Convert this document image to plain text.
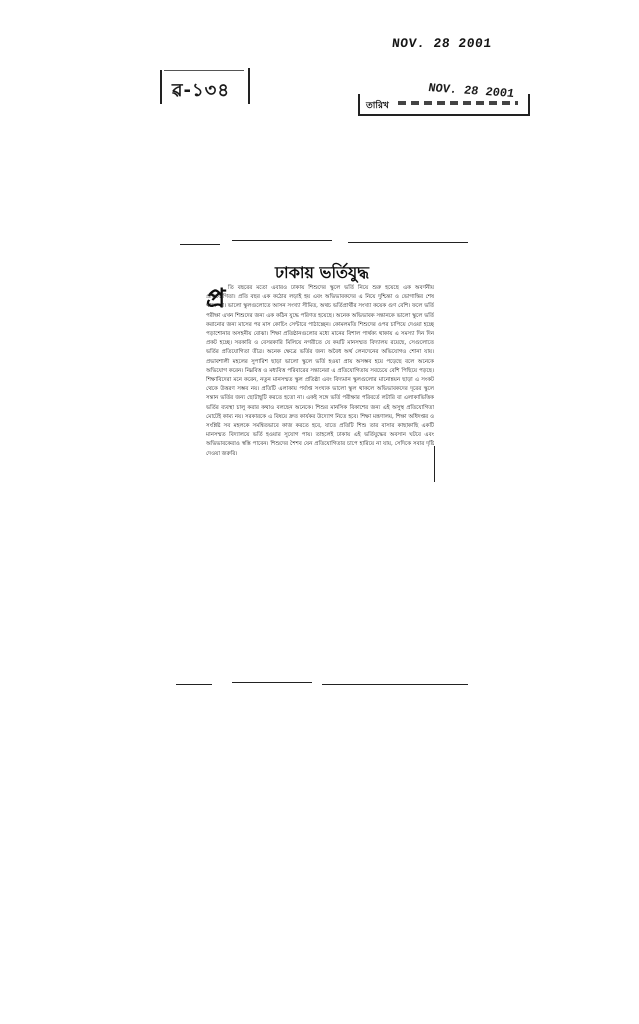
NOV. 28 2001
ৱ-১৩৪	NOV. 28 2001
তারিখ
ঢাকায় ভর্তিযুদ্ধ
প্র তি বছরের মতো এবারও ঢাকায় শিশুদের স্কুলে ভর্তি নিয়ে শুরু হয়েছে এক অবর্ণনীয় প্রতিযোগিতা। প্রতি বছর এক কঠোর লড়াই হয় এবং অভিভাবকদের এ নিয়ে দুশ্চিন্তা ও ভোগান্তির শেষ থাকে না। ভালো স্কুলগুলোতে আসন সংখ্যা সীমিত, অথচ ভর্তিপ্রার্থীর সংখ্যা কয়েক গুণ বেশি। ফলে ভর্তি পরীক্ষা এখন শিশুদের জন্য এক কঠিন যুদ্ধে পরিণত হয়েছে। অনেক অভিভাবক সন্তানকে ভালো স্কুলে ভর্তি করানোর জন্য মাসের পর মাস কোচিং সেন্টারে পাঠাচ্ছেন। কোমলমতি শিশুদের ওপর চাপিয়ে দেওয়া হচ্ছে পড়াশোনার অসহনীয় বোঝা। শিক্ষা প্রতিষ্ঠানগুলোর মধ্যে মানের বিশাল পার্থক্য থাকায় এ সমস্যা দিন দিন প্রকট হচ্ছে। সরকারি ও বেসরকারি মিলিয়ে নগরীতে যে কয়টি মানসম্মত বিদ্যালয় রয়েছে, সেগুলোতে ভর্তির প্রতিযোগিতা তীব্র। অনেক ক্ষেত্রে ভর্তির জন্য অবৈধ অর্থ লেনদেনের অভিযোগও শোনা যায়। প্রভাবশালী মহলের সুপারিশ ছাড়া ভালো স্কুলে ভর্তি হওয়া প্রায় অসম্ভব হয়ে পড়েছে বলে অনেকে অভিযোগ করেন। নিম্নবিত্ত ও মধ্যবিত্ত পরিবারের সন্তানেরা এ প্রতিযোগিতায় সবচেয়ে বেশি পিছিয়ে পড়ছে। শিক্ষাবিদেরা মনে করেন, নতুন মানসম্মত স্কুল প্রতিষ্ঠা এবং বিদ্যমান স্কুলগুলোর মানোন্নয়ন ছাড়া এ সংকট থেকে উত্তরণ সম্ভব নয়। প্রতিটি এলাকায় পর্যাপ্ত সংখ্যক ভালো স্কুল থাকলে অভিভাবকদের দূরের স্কুলে সন্তান ভর্তির জন্য ছোটাছুটি করতে হতো না। একই সঙ্গে ভর্তি পরীক্ষার পরিবর্তে লটারি বা এলাকাভিত্তিক ভর্তির ব্যবস্থা চালু করার কথাও বলছেন অনেকে। শিশুর মানসিক বিকাশের জন্য এই অসুস্থ প্রতিযোগিতা মোটেই কাম্য নয়। সরকারকে এ বিষয়ে দ্রুত কার্যকর উদ্যোগ নিতে হবে। শিক্ষা মন্ত্রণালয়, শিক্ষা অধিদপ্তর ও সংশ্লিষ্ট সব মহলকে সমন্বিতভাবে কাজ করতে হবে, যাতে প্রতিটি শিশু তার বাসার কাছাকাছি একটি মানসম্মত বিদ্যালয়ে ভর্তি হওয়ার সুযোগ পায়। তাহলেই ঢাকায় এই ভর্তিযুদ্ধের অবসান ঘটবে এবং অভিভাবকেরাও স্বস্তি পাবেন। শিশুদের শৈশব যেন প্রতিযোগিতার চাপে হারিয়ে না যায়, সেদিকে সবার দৃষ্টি দেওয়া জরুরি।
